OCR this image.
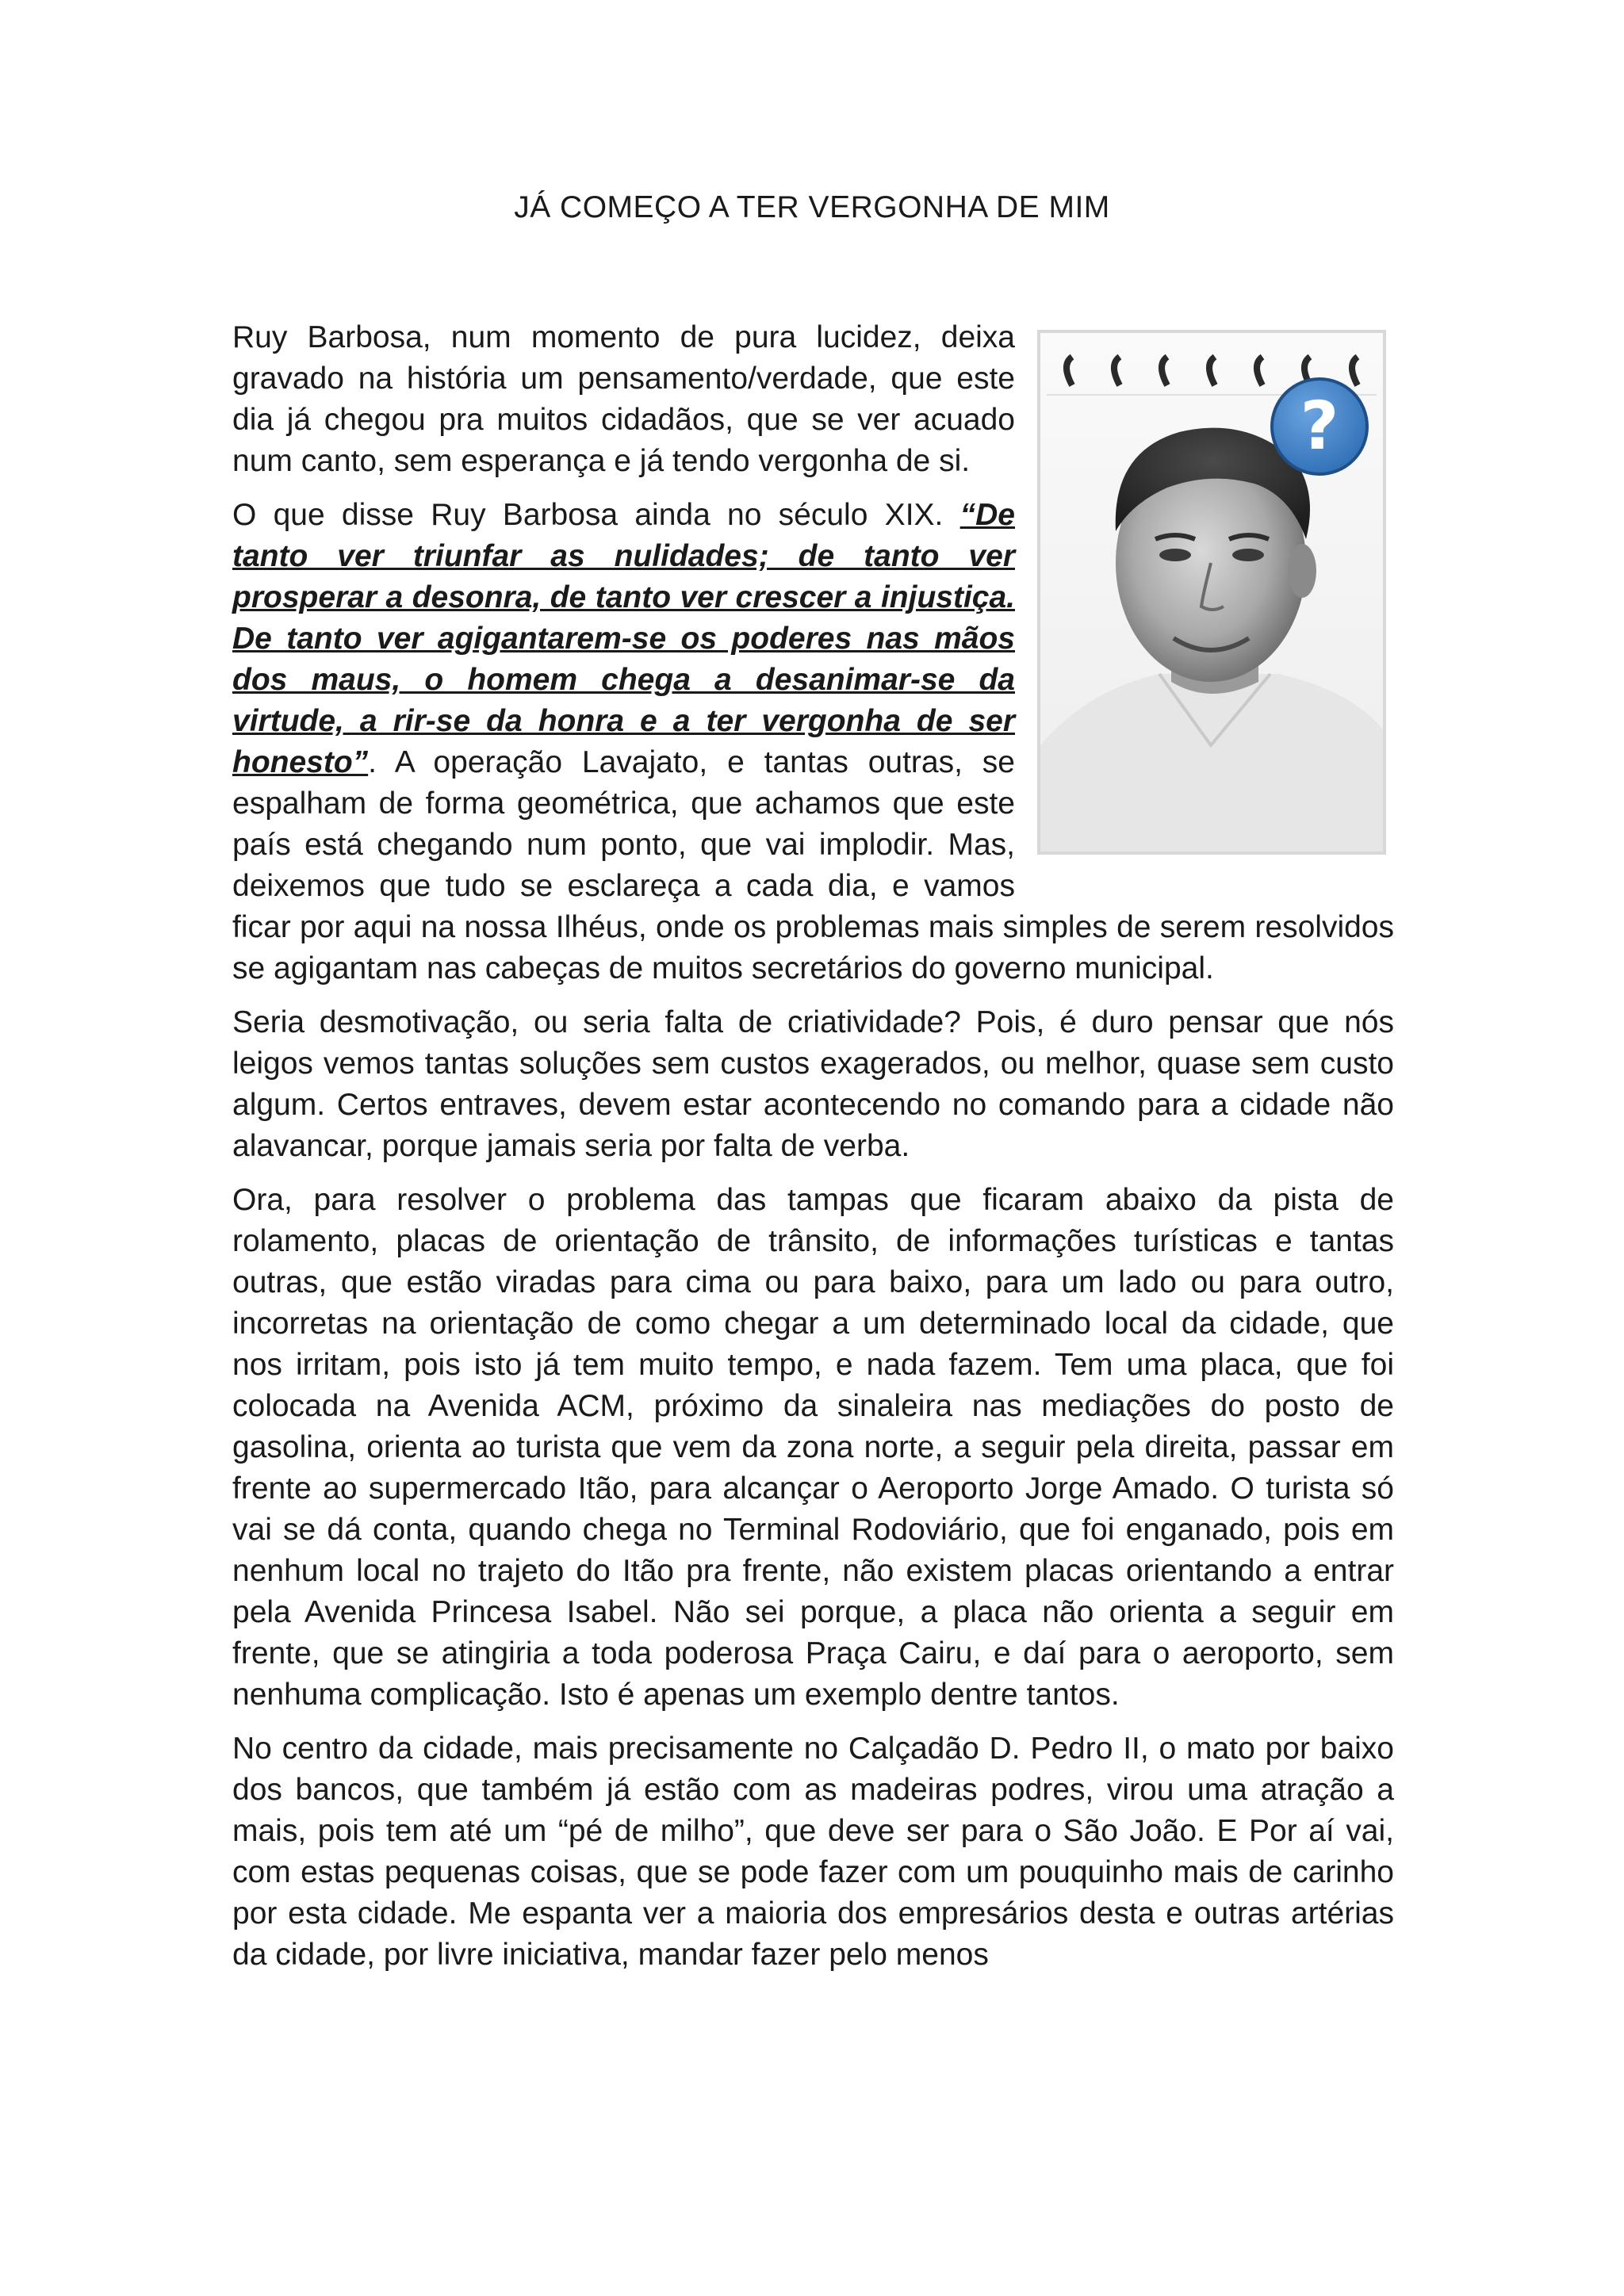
JÁ COMEÇO A TER VERGONHA DE MIM
?

Ruy Barbosa, num momento de pura lucidez, deixa gravado na história um pensamento/verdade, que este dia já chegou pra muitos cidadãos, que se ver acuado num canto, sem esperança e já tendo vergonha de si.

O que disse Ruy Barbosa ainda no século XIX. “De tanto ver triunfar as nulidades; de tanto ver prosperar a desonra, de tanto ver crescer a injustiça. De tanto ver agigantarem-se os poderes nas mãos dos maus, o homem chega a desanimar-se da virtude, a rir-se da honra e a ter vergonha de ser honesto”. A operação Lavajato, e tantas outras, se espalham de forma geométrica, que achamos que este país está chegando num ponto, que vai implodir. Mas, deixemos que tudo se esclareça a cada dia, e vamos ficar por aqui na nossa Ilhéus, onde os problemas mais simples de serem resolvidos se agigantam nas cabeças de muitos secretários do governo municipal.

Seria desmotivação, ou seria falta de criatividade? Pois, é duro pensar que nós leigos vemos tantas soluções sem custos exagerados, ou melhor, quase sem custo algum. Certos entraves, devem estar acontecendo no comando para a cidade não alavancar, porque jamais seria por falta de verba.

Ora, para resolver o problema das tampas que ficaram abaixo da pista de rolamento, placas de orientação de trânsito, de informações turísticas e tantas outras, que estão viradas para cima ou para baixo, para um lado ou para outro, incorretas na orientação de como chegar a um determinado local da cidade, que nos irritam, pois isto já tem muito tempo, e nada fazem. Tem uma placa, que foi colocada na Avenida ACM, próximo da sinaleira nas mediações do posto de gasolina, orienta ao turista que vem da zona norte, a seguir pela direita, passar em frente ao supermercado Itão, para alcançar o Aeroporto Jorge Amado. O turista só vai se dá conta, quando chega no Terminal Rodoviário, que foi enganado, pois em nenhum local no trajeto do Itão pra frente, não existem placas orientando a entrar pela Avenida Princesa Isabel. Não sei porque, a placa não orienta a seguir em frente, que se atingiria a toda poderosa Praça Cairu, e daí para o aeroporto, sem nenhuma complicação. Isto é apenas um exemplo dentre tantos.

No centro da cidade, mais precisamente no Calçadão D. Pedro II, o mato por baixo dos bancos, que também já estão com as madeiras podres, virou uma atração a mais, pois tem até um “pé de milho”, que deve ser para o São João. E Por aí vai, com estas pequenas coisas, que se pode fazer com um pouquinho mais de carinho por esta cidade. Me espanta ver a maioria dos empresários desta e outras artérias da cidade, por livre iniciativa, mandar fazer pelo menos
